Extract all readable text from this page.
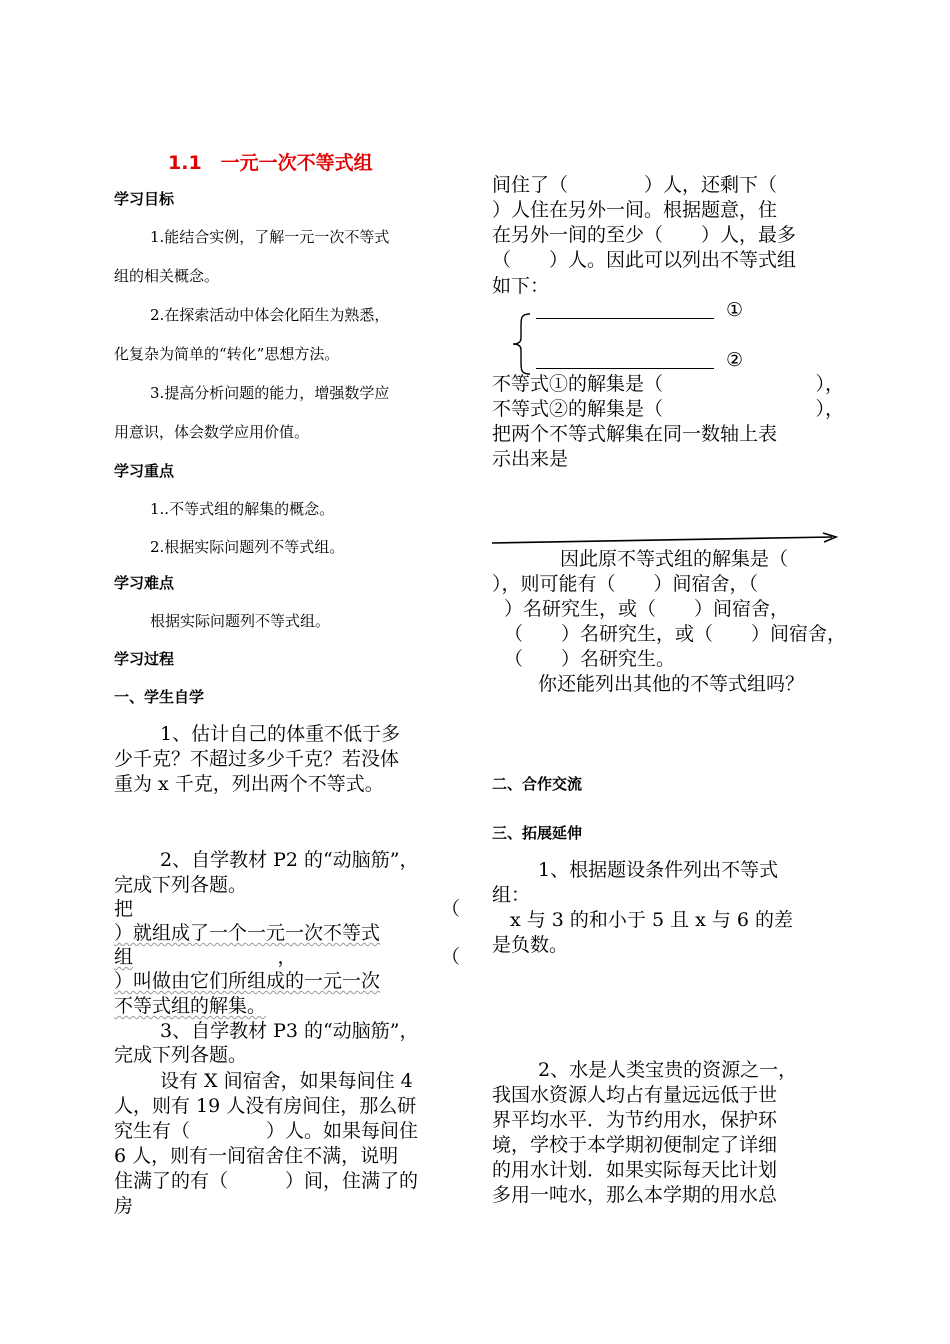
1.1　一元一次不等式组
学习目标
1.能结合实例，了解一元一次不等式
组的相关概念。
2.在探索活动中体会化陌生为熟悉，
化复杂为简单的“转化”思想方法。
3.提高分析问题的能力，增强数学应
用意识，体会数学应用价值。
学习重点
1..不等式组的解集的概念。
2.根据实际问题列不等式组。
学习难点
根据实际问题列不等式组。
学习过程
一、学生自学
1、估计自己的体重不低于多
少千克？不超过多少千克？若没体
重为 x 千克，列出两个不等式。
2、自学教材 P2 的“动脑筋”，
完成下列各题。
把	（
）就组成了一个一元一次不等式
组	，	（
）叫做由它们所组成的一元一次
不等式组的解集。
3、自学教材 P3 的“动脑筋”，
完成下列各题。
设有 X 间宿舍，如果每间住 4
人，则有 19 人没有房间住，那么研
究生有（　　　　）人。如果每间住
6 人，则有一间宿舍住不满，说明
住满了的有（　　　）间，住满了的
房
间住了（　　　　）人，还剩下（
）人住在另外一间。根据题意，住
在另外一间的至少（　　）人，最多
（　　）人。因此可以列出不等式组
如下：
①
②
不等式①的解集是（	），
不等式②的解集是（	），
把两个不等式解集在同一数轴上表
示出来是
因此原不等式组的解集是（
），则可能有（　　）间宿舍，（
）名研究生，或（　　）间宿舍，
（　　）名研究生，或（　　）间宿舍，
（　　）名研究生。
你还能列出其他的不等式组吗？
二、合作交流
三、拓展延伸
1、根据题设条件列出不等式
组：
x 与 3 的和小于 5 且 x 与 6 的差
是负数。
2、水是人类宝贵的资源之一，
我国水资源人均占有量远远低于世
界平均水平．为节约用水，保护环
境，学校于本学期初便制定了详细
的用水计划．如果实际每天比计划
多用一吨水，那么本学期的用水总
